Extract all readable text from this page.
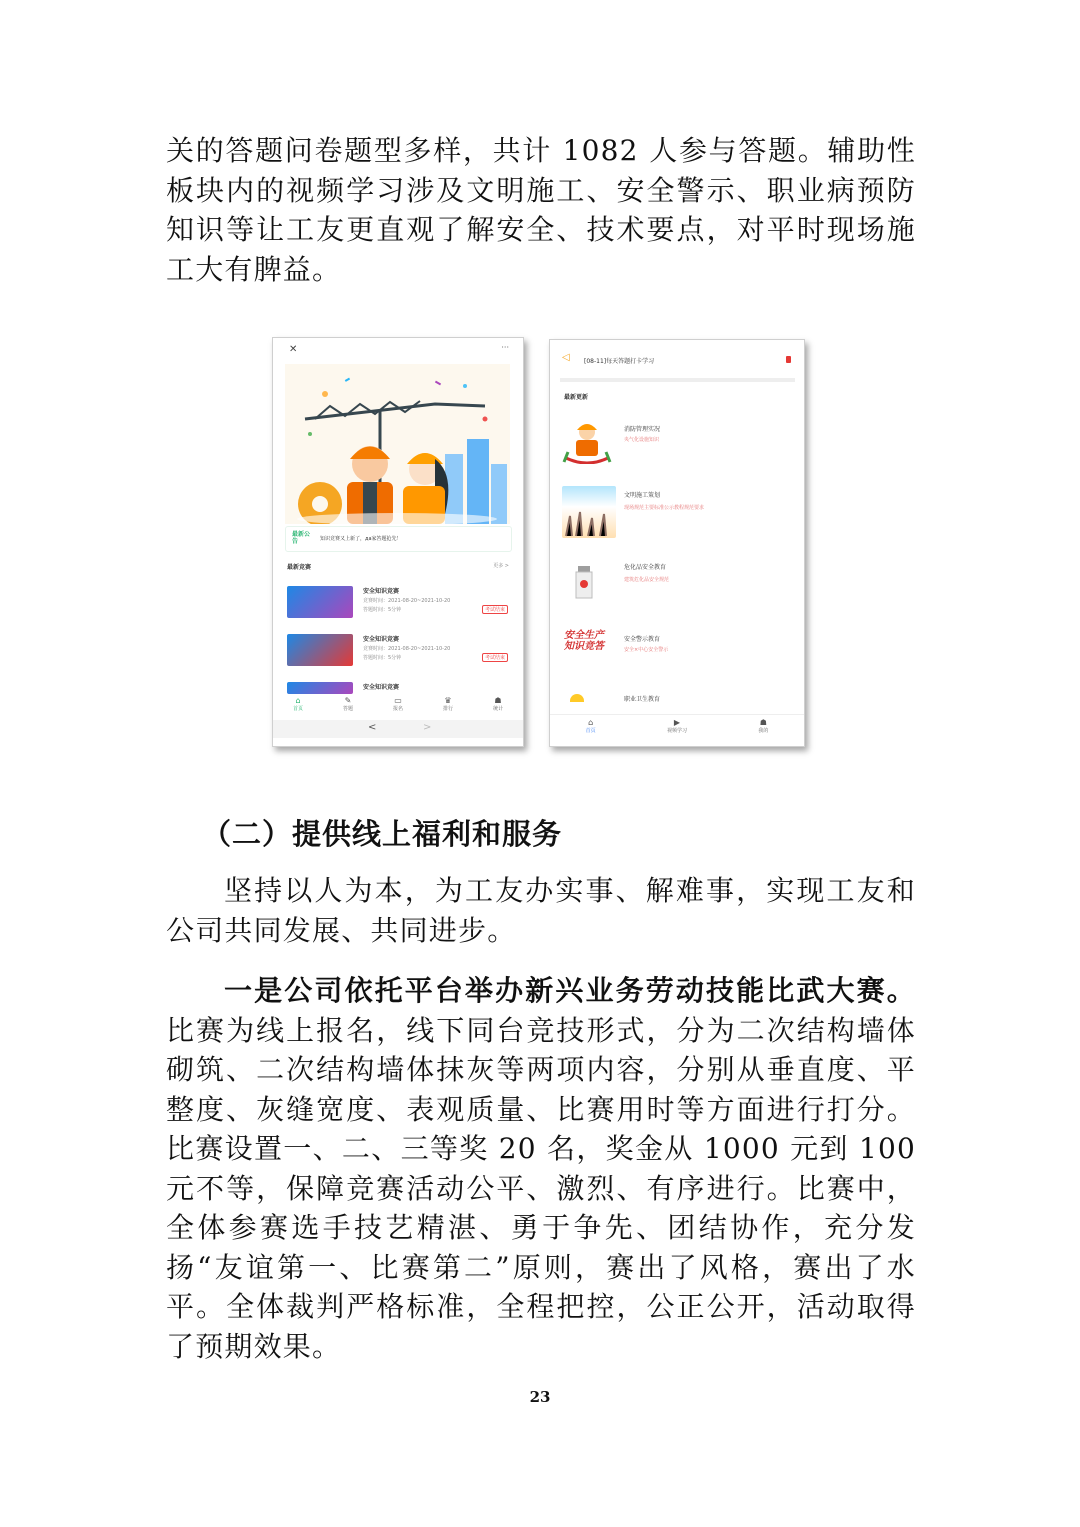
关的答题问卷题型多样，共计 1082 人参与答题。辅助性板块内的视频学习涉及文明施工、安全警示、职业病预防知识等让工友更直观了解安全、技术要点，对平时现场施工大有脾益。

✕	···
最新公告	知识竞赛又上新了，да家答题抢先！
最新竞赛	更多 >
安全知识竞赛
竞赛时间：2021-08-20~2021-10-20
答题时间：5分钟	考试结束
安全知识竞赛
竞赛时间：2021-08-20~2021-10-20
答题时间：5分钟	考试结束
安全知识竞赛
⌂
首页
✎
答题
▭
报名
♛
排行
☗
统计
<	>
◁ [08-11]每天答题打卡学习
最新更新
消防管理实况
央气化设施知识
文明施工策划
现场规范主要标准公示教程规范要求
危化品安全教育
建筑危化品安全规范
安全生产 知识竞答
安全警示教育
安全×中心安全警示
职业卫生教育
⌂
首页
▶
视频学习
☗
我的
（二）提供线上福利和服务

坚持以人为本，为工友办实事、解难事，实现工友和公司共同发展、共同进步。

一是公司依托平台举办新兴业务劳动技能比武大赛。比赛为线上报名，线下同台竞技形式，分为二次结构墙体砌筑、二次结构墙体抹灰等两项内容，分别从垂直度、平整度、灰缝宽度、表观质量、比赛用时等方面进行打分。比赛设置一、二、三等奖 20 名，奖金从 1000 元到 100 元不等，保障竞赛活动公平、激烈、有序进行。比赛中，全体参赛选手技艺精湛、勇于争先、团结协作，充分发扬“友谊第一、比赛第二”原则，赛出了风格，赛出了水平。全体裁判严格标准，全程把控，公正公开，活动取得了预期效果。

23
